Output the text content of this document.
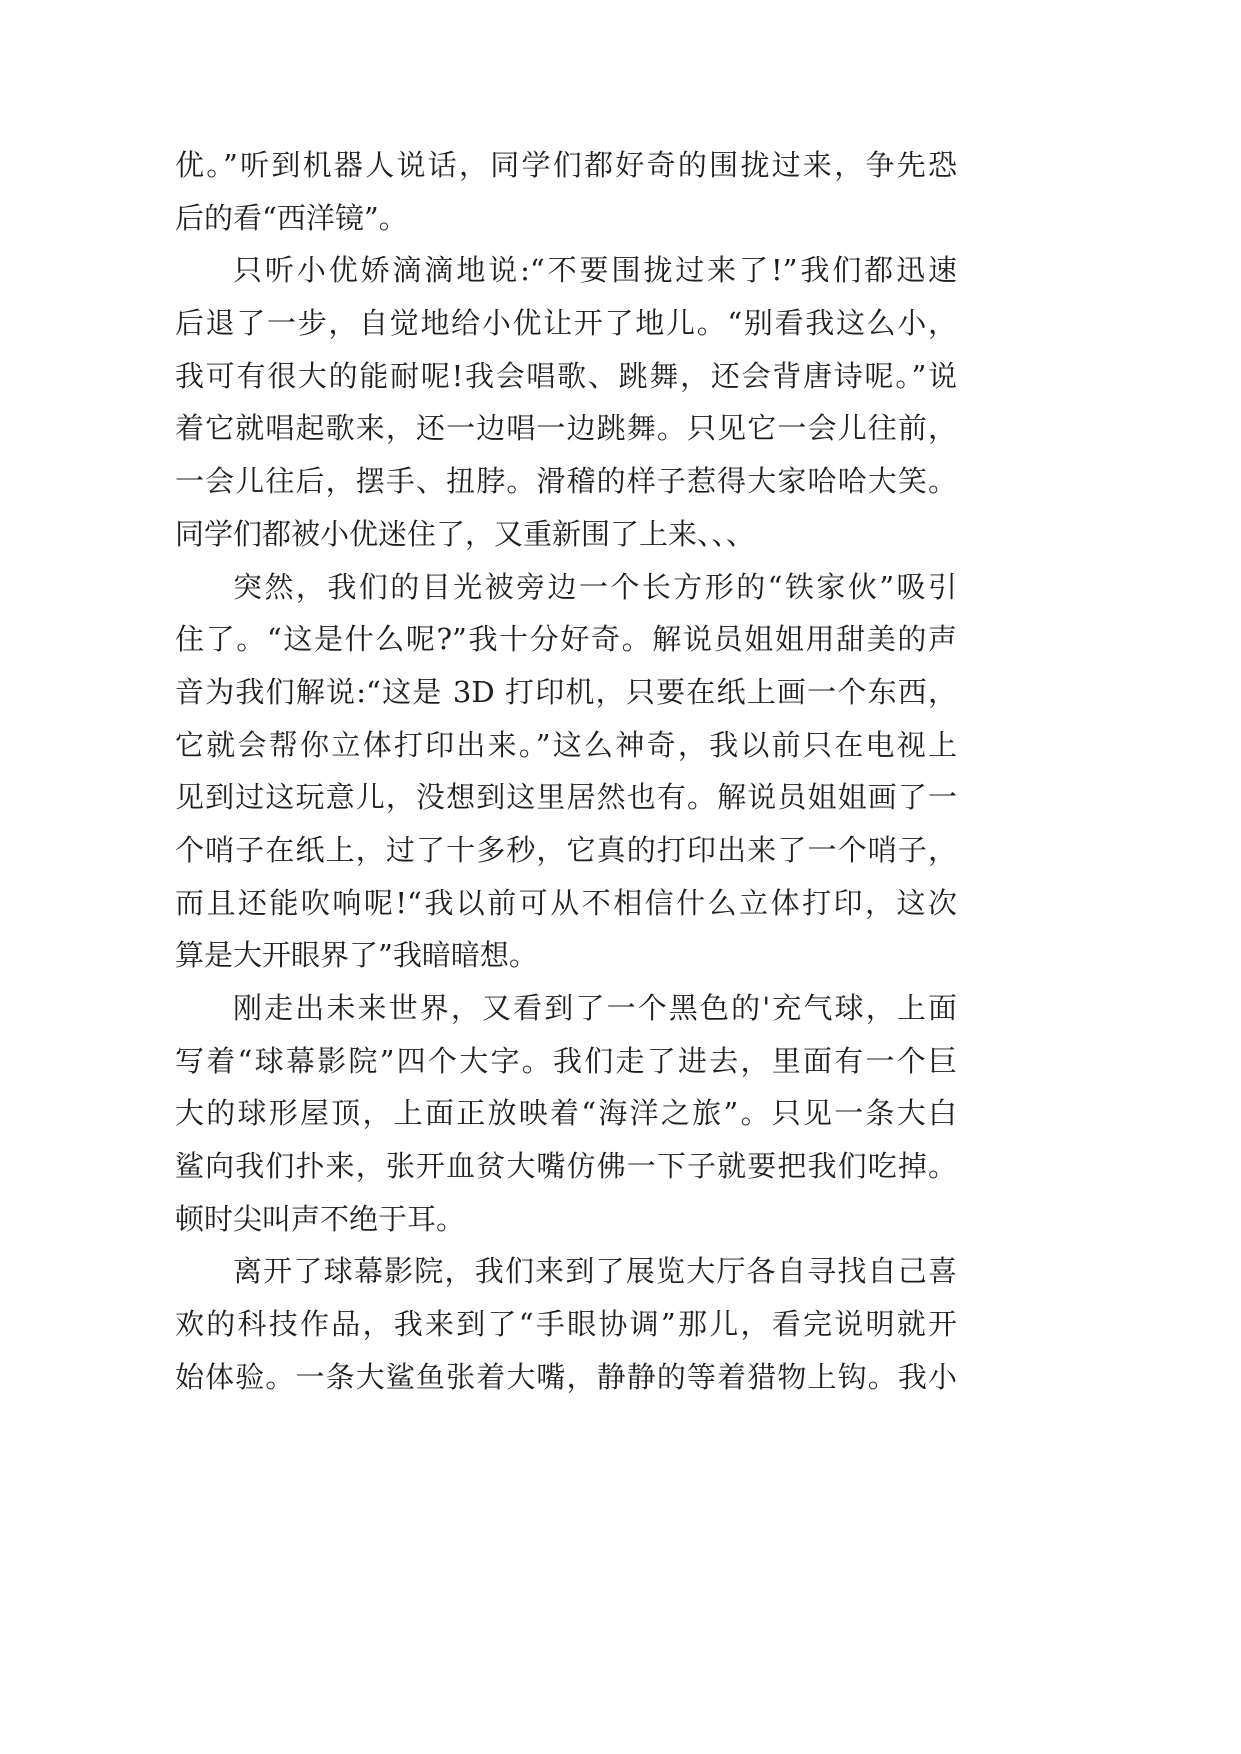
优。”听到机器人说话，同学们都好奇的围拢过来，争先恐
后的看“西洋镜”。
只听小优娇滴滴地说:“不要围拢过来了!”我们都迅速
后退了一步，自觉地给小优让开了地儿。“别看我这么小，
我可有很大的能耐呢!我会唱歌、跳舞，还会背唐诗呢。”说
着它就唱起歌来，还一边唱一边跳舞。只见它一会儿往前，
一会儿往后，摆手、扭脖。滑稽的样子惹得大家哈哈大笑。
同学们都被小优迷住了，又重新围了上来、、、
突然，我们的目光被旁边一个长方形的“铁家伙”吸引
住了。“这是什么呢?”我十分好奇。解说员姐姐用甜美的声
音为我们解说:“这是 3D 打印机，只要在纸上画一个东西，
它就会帮你立体打印出来。”这么神奇，我以前只在电视上
见到过这玩意儿，没想到这里居然也有。解说员姐姐画了一
个哨子在纸上，过了十多秒，它真的打印出来了一个哨子，
而且还能吹响呢!“我以前可从不相信什么立体打印，这次
算是大开眼界了”我暗暗想。
刚走出未来世界，又看到了一个黑色的'充气球，上面
写着“球幕影院”四个大字。我们走了进去，里面有一个巨
大的球形屋顶，上面正放映着“海洋之旅”。只见一条大白
鲨向我们扑来，张开血贫大嘴仿佛一下子就要把我们吃掉。
顿时尖叫声不绝于耳。
离开了球幕影院，我们来到了展览大厅各自寻找自己喜
欢的科技作品，我来到了“手眼协调”那儿，看完说明就开
始体验。一条大鲨鱼张着大嘴，静静的等着猎物上钩。我小
